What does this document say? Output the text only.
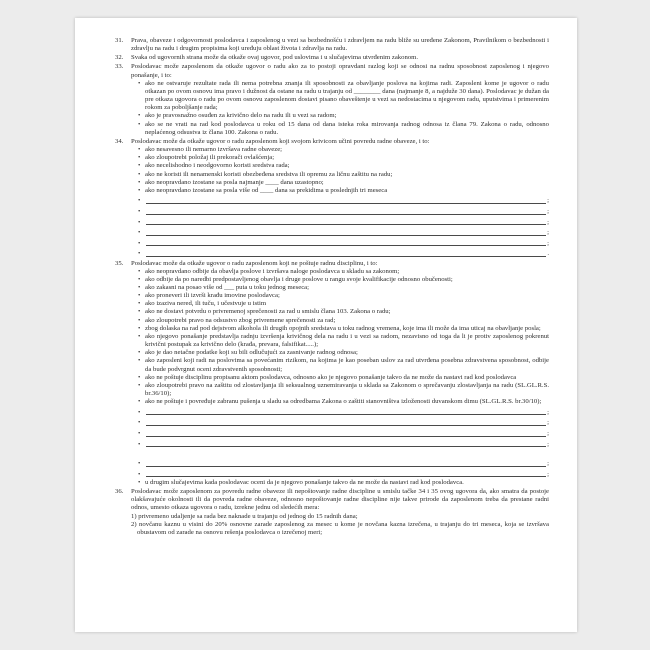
31.	Prava, obaveze i odgovornosti poslodavca i zaposlenog u vezi sa bezbednošću i zdravljem na radu bliže su uređene Zakonom, Pravilnikom o bezbednosti i zdravlju na radu i drugim propisima koji uređuju oblast života i zdravlja na radu.
32.	Svaka od ugovornih strana može da otkaže ovaj ugovor, pod uslovima i u slučajevima utvrđenim zakonom.
33.	Poslodavac može zaposlenom da otkaže ugovor o radu ako za to postoji opravdani razlog koji se odnosi na radnu sposobnost zaposlenog i njegovo ponašanje, i to:
• ako ne ostvaruje rezultate rada ili nema potrebna znanja ili sposobnosti za obavljanje poslova na kojima radi. Zaposleni kome je ugovor o radu otkazan po ovom osnovu ima pravo i dužnost da ostane na radu u trajanju od ________ dana (najmanje 8, a najduže 30 dana). Poslodavac je dužan da pre otkaza ugovora o radu po ovom osnovu zaposlenom dostavi pisano obaveštenje u vezi sa nedostacima u njegovom radu, uputstvima i primerenim rokom za poboljšanje rada;
• ako je pravosnažno osuđen za krivično delo na radu ili u vezi sa radom;
• ako se ne vrati na rad kod poslodavca u roku od 15 dana od dana isteka roka mirovanja radnog odnosa iz člana 79. Zakona o radu, odnosno neplaćenog odsustva iz člana 100. Zakona o radu.
34.	Poslodavac može da otkaže ugovor o radu zaposlenom koji svojom krivicom učini povredu radne obaveze, i to:
• ako nesavesno ili nemarno izvršava radne obaveze;
• ako zloupotrebi položaj ili prekorači ovlašćenja;
• ako necelishodno i neodgovorno koristi sredstva rada;
• ako ne koristi ili nenamenski koristi obezbeđena sredstva ili opremu za ličnu zaštitu na radu;
• ako neopravdano izostane sa posla najmanje ____ dana uzastopno;
• ako neopravdano izostane sa posla više od ____ dana sa prekidima u poslednjih tri meseca
•	;
•	;
•	;
•	;
•	;
•	.
35.	Poslodavac može da otkaže ugovor o radu zaposlenom koji ne poštuje radnu disciplinu, i to:
• ako neopravdano odbije da obavlja poslove i izvršava naloge poslodavca u skladu sa zakonom;
• ako odbije da po naredbi predpostavljenog obavlja i druge poslove u rangu svoje kvalifikacije odnosno obučenosti;
• ako zakasni na posao više od ___ puta u toku jednog meseca;
• ako proneveri ili izvrši krađu imovine poslodavca;
• ako izaziva nered, ili tuču, i učestvuje u istim
• ako ne dostavi potvrdu o privremenoj sprečenosti za rad u smislu člana 103. Zakona o radu;
• ako zloupotrebi pravo na odsustvo zbog privremene sprečenosti za rad;
• zbog dolaska na rad pod dejstvom alkohola ili drugih opojnih sredstava u toku radnog vremena, koje ima ili može da ima uticaj na obavljanje posla;
• ako njegovo ponašanje predstavlja radnju izvršenja krivičnog dela na radu i u vezi sa radom, nezavisno od toga da li je protiv zaposlenog pokrenut krivični postupak za krivično delo (krađa, prevara, falsifikat.....);
• ako je dao netačne podatke koji su bili odlučujući za zasnivanje radnog odnosa;
• ako zaposleni koji radi na poslovima sa povećanim rizikom, na kojima je kao poseban uslov za rad utvrđena posebna zdravstvena sposobnost, odbije da bude podvrgnut oceni zdravstvenih sposobnosti;
• ako ne poštuje disciplinu propisanu aktom poslodavca, odnosno ako je njegovo ponašanje takvo da ne može da nastavi rad kod poslodavca
• ako zloupotrebi pravo na zaštitu od zlostavljanja ili seksualnog uznemiravanja u sklada sa Zakonom o sprečavanju zlostavljanja na radu (SL.GL.R.S. br.36/10);
• ako ne poštuje i povređuje zabranu pušenja u sladu sa odredbama Zakona o zaštiti stanovništva izloženosti duvanskom dimu (SL.GL.R.S. br.30/10);
•	;
•	;
•	;
•	;
•	;
•	;
• u drugim slučajevima kada poslodavac oceni da je njegovo ponašanje takvo da ne može da nastavi rad kod poslodavca.
36.	Poslodavac može zaposlenom za povredu radne obaveze ili nepoštovanje radne discipline u smislu tačke 34 i 35 ovog ugovora da, ako smatra da postoje olakšavajuće okolnosti ili da povreda radne obaveze, odnosno nepoštovanje radne discipline nije takve prirode da zaposlenom treba da prestane radni odnos, umesto otkaza ugovora o radu, izrekne jednu od sledećih mera:
1) privremeno udaljenje sa rada bez naknade u trajanju od jednog do 15 radnih dana;
2) novčanu kaznu u visini do 20% osnovne zarade zaposlenog za mesec u kome je novčana kazna izrečena, u trajanju do tri meseca, koja se izvršava obustavom od zarade na osnovu rešenja poslodavca o izrečenoj meri;
